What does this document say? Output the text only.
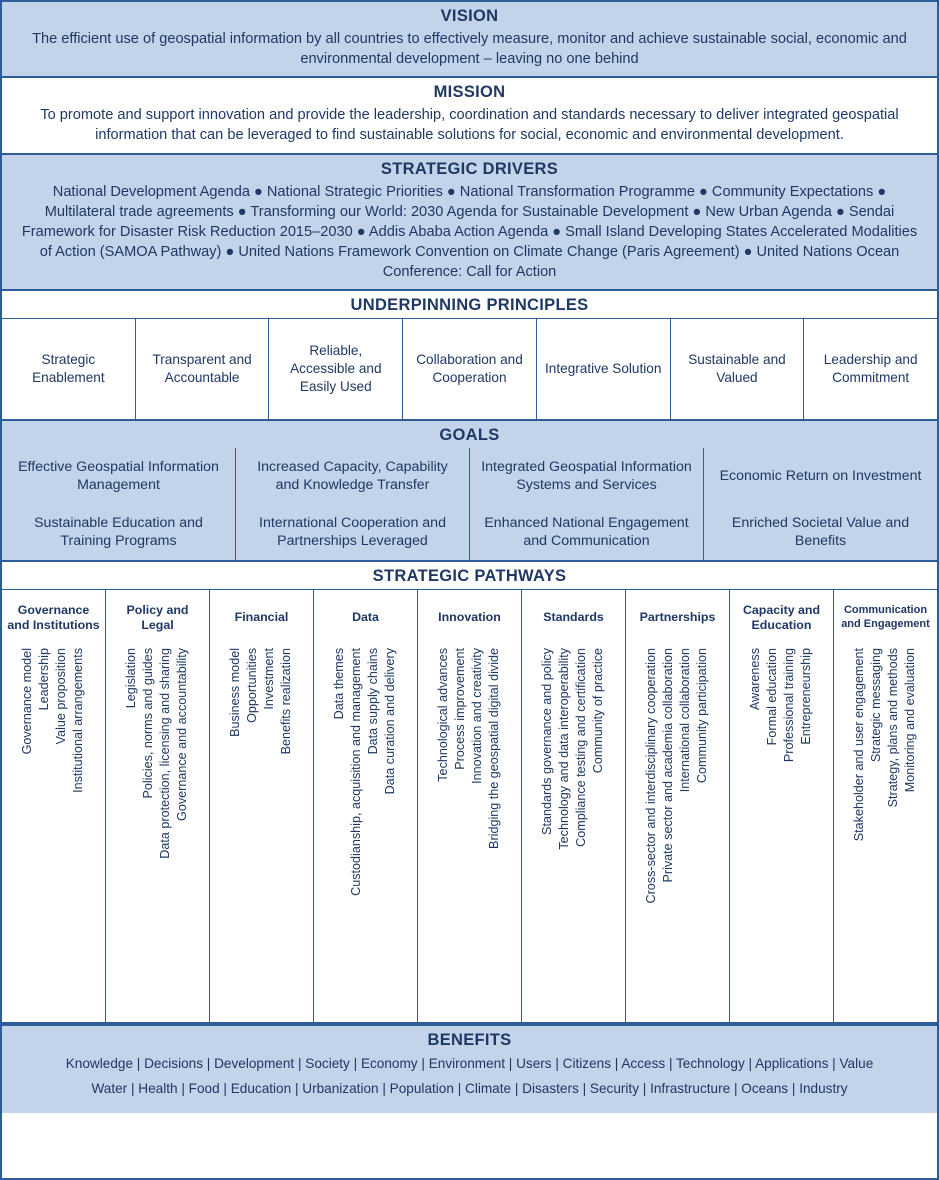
VISION
The efficient use of geospatial information by all countries to effectively measure, monitor and achieve sustainable social, economic and environmental development – leaving no one behind
MISSION
To promote and support innovation and provide the leadership, coordination and standards necessary to deliver integrated geospatial information that can be leveraged to find sustainable solutions for social, economic and environmental development.
STRATEGIC DRIVERS
National Development Agenda ● National Strategic Priorities ● National Transformation Programme ● Community Expectations ● Multilateral trade agreements ● Transforming our World: 2030 Agenda for Sustainable Development ● New Urban Agenda ● Sendai Framework for Disaster Risk Reduction 2015–2030 ● Addis Ababa Action Agenda ● Small Island Developing States Accelerated Modalities of Action (SAMOA Pathway) ● United Nations Framework Convention on Climate Change (Paris Agreement) ● United Nations Ocean Conference: Call for Action
UNDERPINNING PRINCIPLES
Strategic Enablement
Transparent and Accountable
Reliable, Accessible and Easily Used
Collaboration and Cooperation
Integrative Solution
Sustainable and Valued
Leadership and Commitment
GOALS
Effective Geospatial Information Management
Sustainable Education and Training Programs
Increased Capacity, Capability and Knowledge Transfer
International Cooperation and Partnerships Leveraged
Integrated Geospatial Information Systems and Services
Enhanced National Engagement and Communication
Economic Return on Investment
Enriched Societal Value and Benefits
STRATEGIC PATHWAYS
Governance and Institutions
Governance model Leadership Value proposition Institutional arrangements
Policy and Legal
Legislation Policies, norms and guides Data protection, licensing and sharing Governance and accountability
Financial
Business model Opportunities Investment Benefits realization
Data
Data themes Custodianship, acquisition and management Data supply chains Data curation and delivery
Innovation
Technological advances Process improvement Innovation and creativity Bridging the geospatial digital divide
Standards
Standards governance and policy Technology and data interoperability Compliance testing and certification Community of practice
Partnerships
Cross-sector and interdisciplinary cooperation Private sector and academia collaboration International collaboration Community participation
Capacity and Education
Awareness Formal education Professional training Entrepreneurship
Communication and Engagement
Stakeholder and user engagement Strategic messaging Strategy, plans and methods Monitoring and evaluation
BENEFITS
Knowledge | Decisions | Development | Society | Economy | Environment | Users | Citizens | Access | Technology | Applications | Value
Water | Health | Food | Education | Urbanization | Population | Climate | Disasters | Security | Infrastructure | Oceans | Industry
